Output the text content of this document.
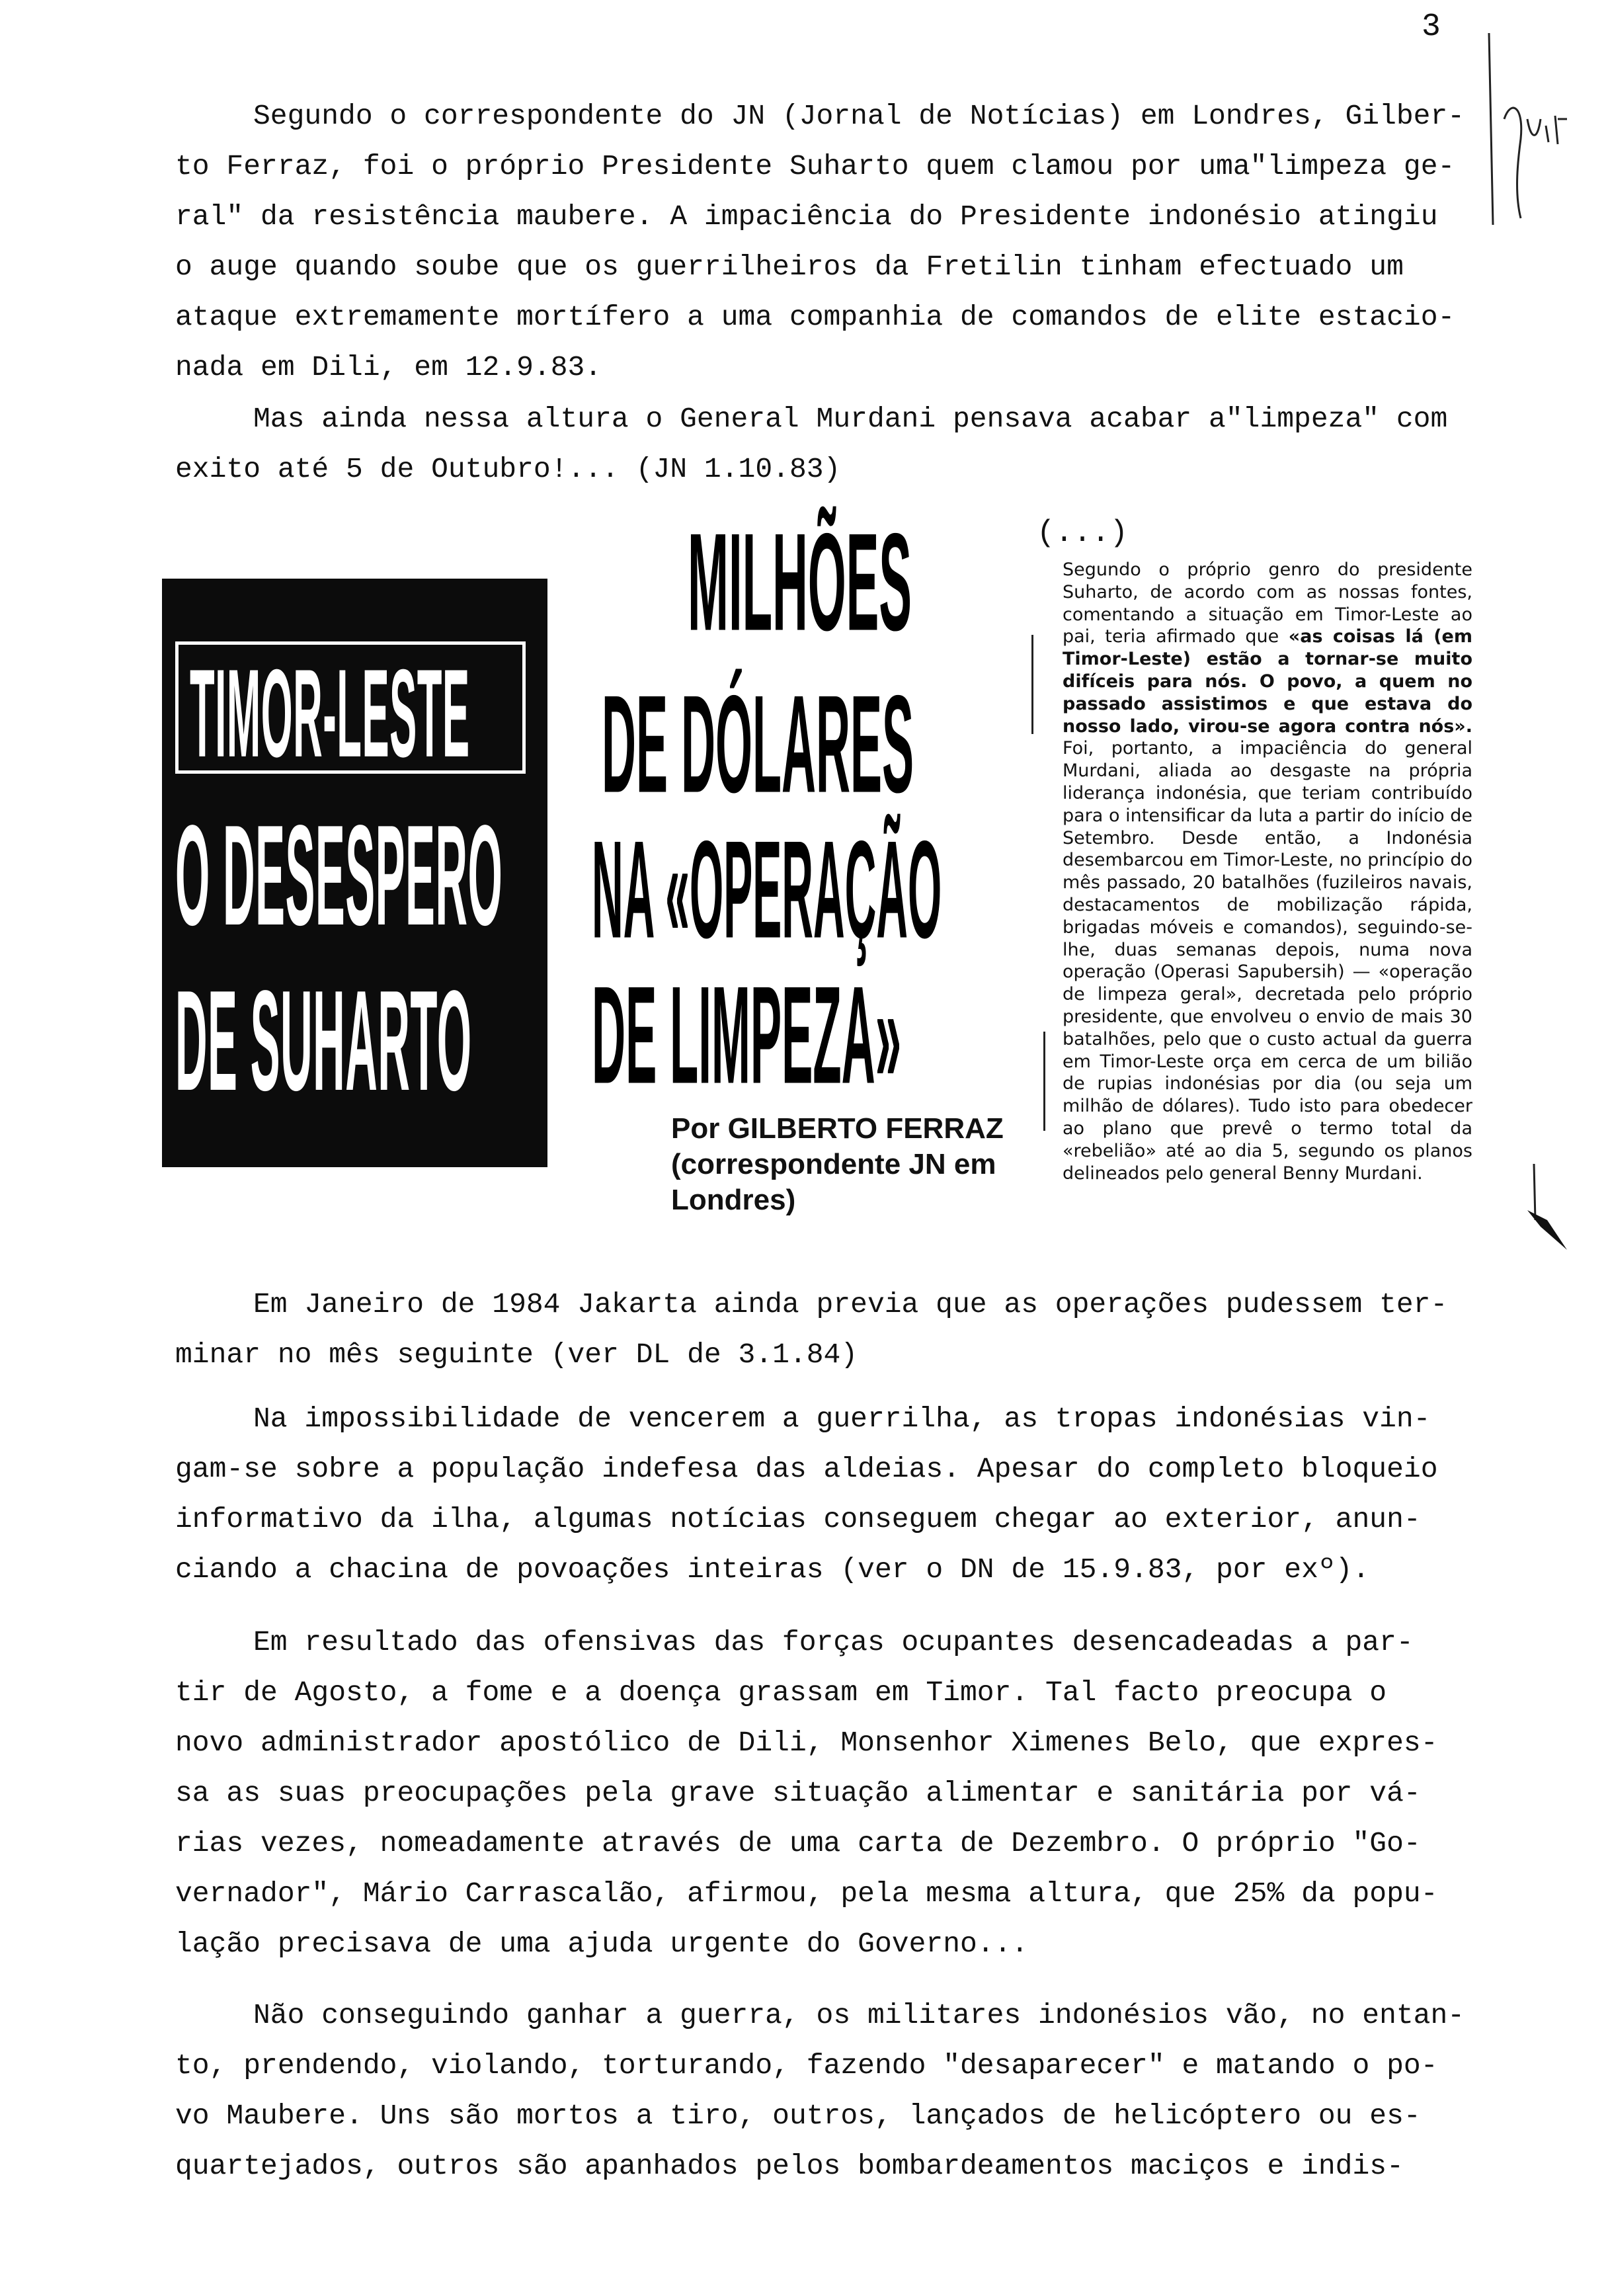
3
Segundo o correspondente do JN (Jornal de Notícias) em Londres, Gilber-
to Ferraz, foi o próprio Presidente Suharto quem clamou por uma"limpeza ge-
ral" da resistência maubere. A impaciência do Presidente indonésio atingiu
o auge quando soube que os guerrilheiros da Fretilin tinham efectuado um
ataque extremamente mortífero a uma companhia de comandos de elite estacio-
nada em Dili, em 12.9.83.
Mas ainda nessa altura o General Murdani pensava acabar a"limpeza" com
exito até 5 de Outubro!... (JN 1.10.83)
TIMOR-LESTE
O DESESPERO
DE SUHARTO
MILHÕES
DE DÓLARES
NA «OPERAÇÃO
DE LIMPEZA»
Por GILBERTO FERRAZ (correspondente JN em Londres)
(...)
Segundo o próprio genro do presidente Suharto, de acordo com as nossas fontes, comentando a situação em Timor-Leste ao pai, teria afirmado que «as coisas lá (em Timor-Leste) estão a tornar-se muito difíceis para nós. O povo, a quem no passado assistimos e que estava do nosso lado, virou-se agora contra nós». Foi, portanto, a impaciência do general Murdani, aliada ao desgaste na própria liderança indonésia, que teriam contribuído para o intensificar da luta a partir do início de Setembro. Desde então, a Indonésia desembarcou em Timor-Leste, no princípio do mês passado, 20 batalhões (fuzileiros navais, destacamentos de mobilização rápida, brigadas móveis e comandos), seguindo-se-lhe, duas semanas depois, numa nova operação (Operasi Sapubersih) — «operação de limpeza geral», decretada pelo próprio presidente, que envolveu o envio de mais 30 batalhões, pelo que o custo actual da guerra em Timor-Leste orça em cerca de um bilião de rupias indonésias por dia (ou seja um milhão de dólares). Tudo isto para obedecer ao plano que prevê o termo total da «rebelião» até ao dia 5, segundo os planos delineados pelo general Benny Murdani.
Em Janeiro de 1984 Jakarta ainda previa que as operações pudessem ter-
minar no mês seguinte (ver DL de 3.1.84)
Na impossibilidade de vencerem a guerrilha, as tropas indonésias vin-
gam-se sobre a população indefesa das aldeias. Apesar do completo bloqueio
informativo da ilha, algumas notícias conseguem chegar ao exterior, anun-
ciando a chacina de povoações inteiras (ver o DN de 15.9.83, por exº).
Em resultado das ofensivas das forças ocupantes desencadeadas a par-
tir de Agosto, a fome e a doença grassam em Timor. Tal facto preocupa o
novo administrador apostólico de Dili, Monsenhor Ximenes Belo, que expres-
sa as suas preocupações pela grave situação alimentar e sanitária por vá-
rias vezes, nomeadamente através de uma carta de Dezembro. O próprio "Go-
vernador", Mário Carrascalão, afirmou, pela mesma altura, que 25% da popu-
lação precisava de uma ajuda urgente do Governo...
Não conseguindo ganhar a guerra, os militares indonésios vão, no entan-
to, prendendo, violando, torturando, fazendo "desaparecer" e matando o po-
vo Maubere. Uns são mortos a tiro, outros, lançados de helicóptero ou es-
quartejados, outros são apanhados pelos bombardeamentos maciços e indis-
